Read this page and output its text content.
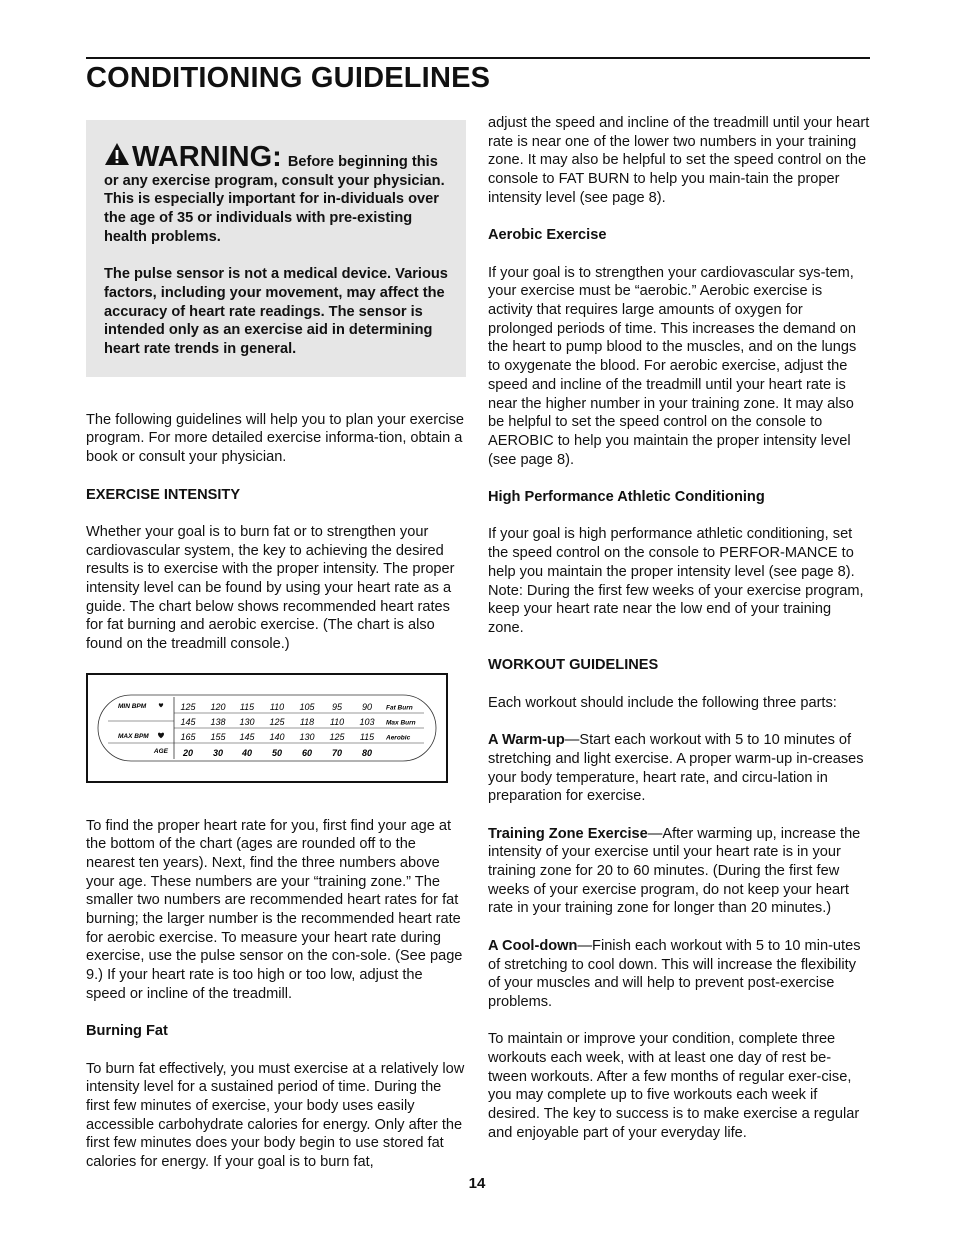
CONDITIONING GUIDELINES

WARNING: Before beginning this or any exercise program, consult your physician. This is especially important for in-dividuals over the age of 35 or individuals with pre-existing health problems.

The pulse sensor is not a medical device. Various factors, including your movement, may affect the accuracy of heart rate readings. The sensor is intended only as an exercise aid in determining heart rate trends in general.

The following guidelines will help you to plan your exercise program. For more detailed exercise informa-tion, obtain a book or consult your physician.

EXERCISE INTENSITY

Whether your goal is to burn fat or to strengthen your cardiovascular system, the key to achieving the desired results is to exercise with the proper intensity. The proper intensity level can be found by using your heart rate as a guide. The chart below shows recommended heart rates for fat burning and aerobic exercise. (The chart is also found on the treadmill console.)

MIN BPM
MAX BPM
AGE
125 120 115 110 105 95 90 Fat Burn
145 138 130 125 118 110 103 Max Burn
165 155 145 140 130 125 115 Aerobic
20 30 40 50 60 70 80

To find the proper heart rate for you, first find your age at the bottom of the chart (ages are rounded off to the nearest ten years). Next, find the three numbers above your age. These numbers are your “training zone.” The smaller two numbers are recommended heart rates for fat burning; the larger number is the recommended heart rate for aerobic exercise. To measure your heart rate during exercise, use the pulse sensor on the con-sole. (See page 9.) If your heart rate is too high or too low, adjust the speed or incline of the treadmill.

Burning Fat

To burn fat effectively, you must exercise at a relatively low intensity level for a sustained period of time. During the first few minutes of exercise, your body uses easily accessible carbohydrate calories for energy. Only after the first few minutes does your body begin to use stored fat calories for energy. If your goal is to burn fat,

adjust the speed and incline of the treadmill until your heart rate is near one of the lower two numbers in your training zone. It may also be helpful to set the speed control on the console to FAT BURN to help you main-tain the proper intensity level (see page 8).

Aerobic Exercise

If your goal is to strengthen your cardiovascular sys-tem, your exercise must be “aerobic.” Aerobic exercise is activity that requires large amounts of oxygen for prolonged periods of time. This increases the demand on the heart to pump blood to the muscles, and on the lungs to oxygenate the blood. For aerobic exercise, adjust the speed and incline of the treadmill until your heart rate is near the higher number in your training zone. It may also be helpful to set the speed control on the console to AEROBIC to help you maintain the proper intensity level (see page 8).

High Performance Athletic Conditioning

If your goal is high performance athletic conditioning, set the speed control on the console to PERFOR-MANCE to help you maintain the proper intensity level (see page 8). Note: During the first few weeks of your exercise program, keep your heart rate near the low end of your training zone.

WORKOUT GUIDELINES

Each workout should include the following three parts:

A Warm-up—Start each workout with 5 to 10 minutes of stretching and light exercise. A proper warm-up in-creases your body temperature, heart rate, and circu-lation in preparation for exercise.

Training Zone Exercise—After warming up, increase the intensity of your exercise until your heart rate is in your training zone for 20 to 60 minutes. (During the first few weeks of your exercise program, do not keep your heart rate in your training zone for longer than 20 minutes.)

A Cool-down—Finish each workout with 5 to 10 min-utes of stretching to cool down. This will increase the flexibility of your muscles and will help to prevent post-exercise problems.

To maintain or improve your condition, complete three workouts each week, with at least one day of rest be-tween workouts. After a few months of regular exer-cise, you may complete up to five workouts each week if desired. The key to success is to make exercise a regular and enjoyable part of your everyday life.

14
